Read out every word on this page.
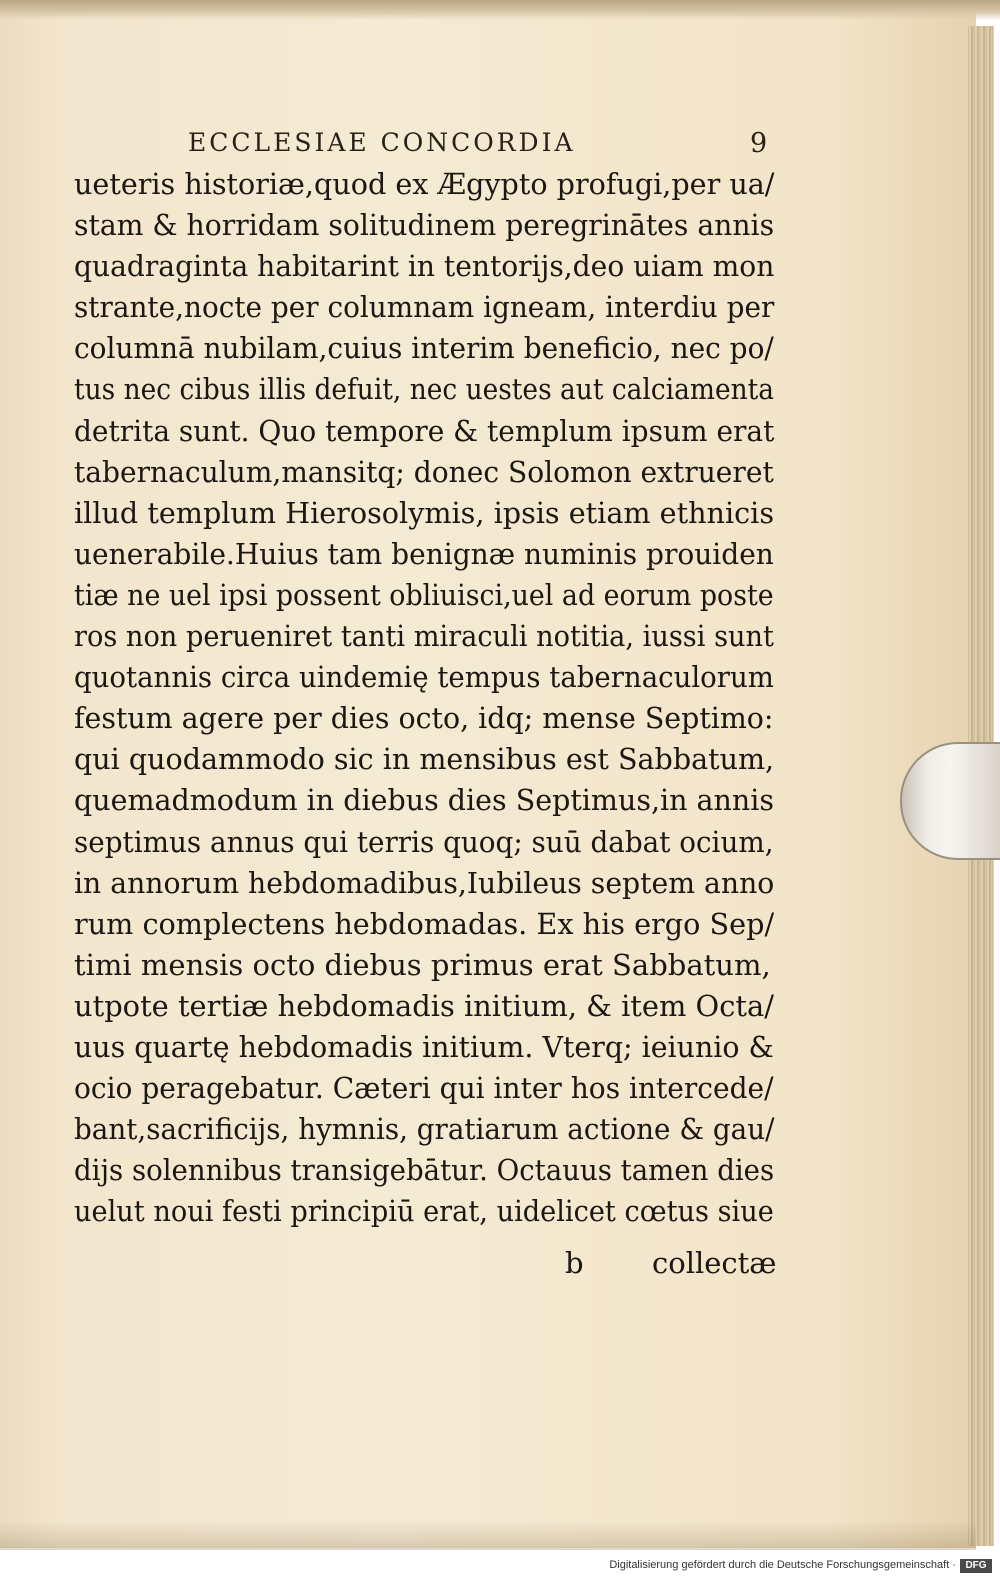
ECCLESIAE CONCORDIA	9
ueteris historiæ,quod ex Ægypto profugi,per ua/ stam & horridam solitudinem peregrinātes annis quadraginta habitarint in tentorijs,deo uiam mon strante,nocte per columnam igneam, interdiu per columnā nubilam,cuius interim beneficio, nec po/ tus nec cibus illis defuit, nec uestes aut calciamenta detrita sunt. Quo tempore & templum ipsum erat tabernaculum,mansitq; donec Solomon extrueret illud templum Hierosolymis, ipsis etiam ethnicis uenerabile.Huius tam benignæ numinis prouiden tiæ ne uel ipsi possent obliuisci,uel ad eorum poste ros non perueniret tanti miraculi notitia, iussi sunt quotannis circa uindemię tempus tabernaculorum festum agere per dies octo, idq; mense Septimo: qui quodammodo sic in mensibus est Sabbatum, quemadmodum in diebus dies Septimus,in annis septimus annus qui terris quoq; suū dabat ocium, in annorum hebdomadibus,Iubileus septem anno rum complectens hebdomadas. Ex his ergo Sep/
timi mensis octo diebus primus erat Sabbatum,
utpote tertiæ hebdomadis initium, & item Octa/ uus quartę hebdomadis initium. Vterq; ieiunio & ocio peragebatur. Cæteri qui inter hos intercede/ bant,sacrificijs, hymnis, gratiarum actione & gau/ dijs solennibus transigebātur. Octauus tamen dies uelut noui festi principiū erat, uidelicet cœtus siue
b	collectæ
Digitalisierung gefördert durch die Deutsche Forschungsgemeinschaft · DFG
